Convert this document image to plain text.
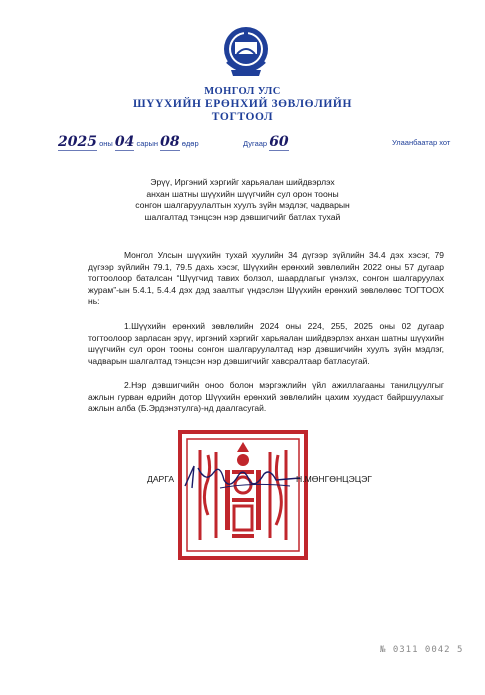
МОНГОЛ УЛС
ШҮҮХИЙН ЕРӨНХИЙ ЗӨВЛӨЛИЙН
ТОГТООЛ
2025 оны 04 сарын 08 өдөр	Дугаар 60	Улаанбаатар хот
Эрүү, Иргэний хэргийг харьяалан шийдвэрлэх
анхан шатны шүүхийн шүүгчийн сул орон тооны
сонгон шалгаруулалтын хуулъ зүйн мэдлэг, чадварын
шалгалтад тэнцсэн нэр дэвшигчийг батлах тухай
Монгол Улсын шүүхийн тухай хуулийн 34 дүгээр зүйлийн 34.4 дэх хэсэг, 79 дүгээр зүйлийн 79.1, 79.5 дахь хэсэг, Шүүхийн ерөнхий зөвлөлийн 2022 оны 57 дугаар тогтоолоор баталсан “Шүүгчид тавих болзол, шаардлагыг үнэлэх, сонгон шалгаруулах журам”-ын 5.4.1, 5.4.4 дэх дэд заалтыг үндэслэн Шүүхийн ерөнхий зөвлөлөөс ТОГТООХ нь:
1.Шүүхийн ерөнхий зөвлөлийн 2024 оны 224, 255, 2025 оны 02 дугаар тогтоолоор зарласан эрүү, иргэний хэргийг харьяалан шийдвэрлэх анхан шатны шүүхийн шүүгчийн сул орон тооны сонгон шалгаруулалтад нэр дэвшигчийн хуулъ зүйн мэдлэг, чадварын шалгалтад тэнцсэн нэр дэвшигчийг хавсралтаар батласугай.
2.Нэр дэвшигчийн оноо болон мэргэжлийн үйл ажиллагааны танилцуулгыг ажлын гурван өдрийн дотор Шүүхийн ерөнхий зөвлөлийн цахим хуудаст байршуулахыг ажлын алба (Б.Эрдэнэтулга)-нд даалгасугай.
ДАРГА	Н.МӨНГӨНЦЭЦЭГ
№ 0311 0042 5
